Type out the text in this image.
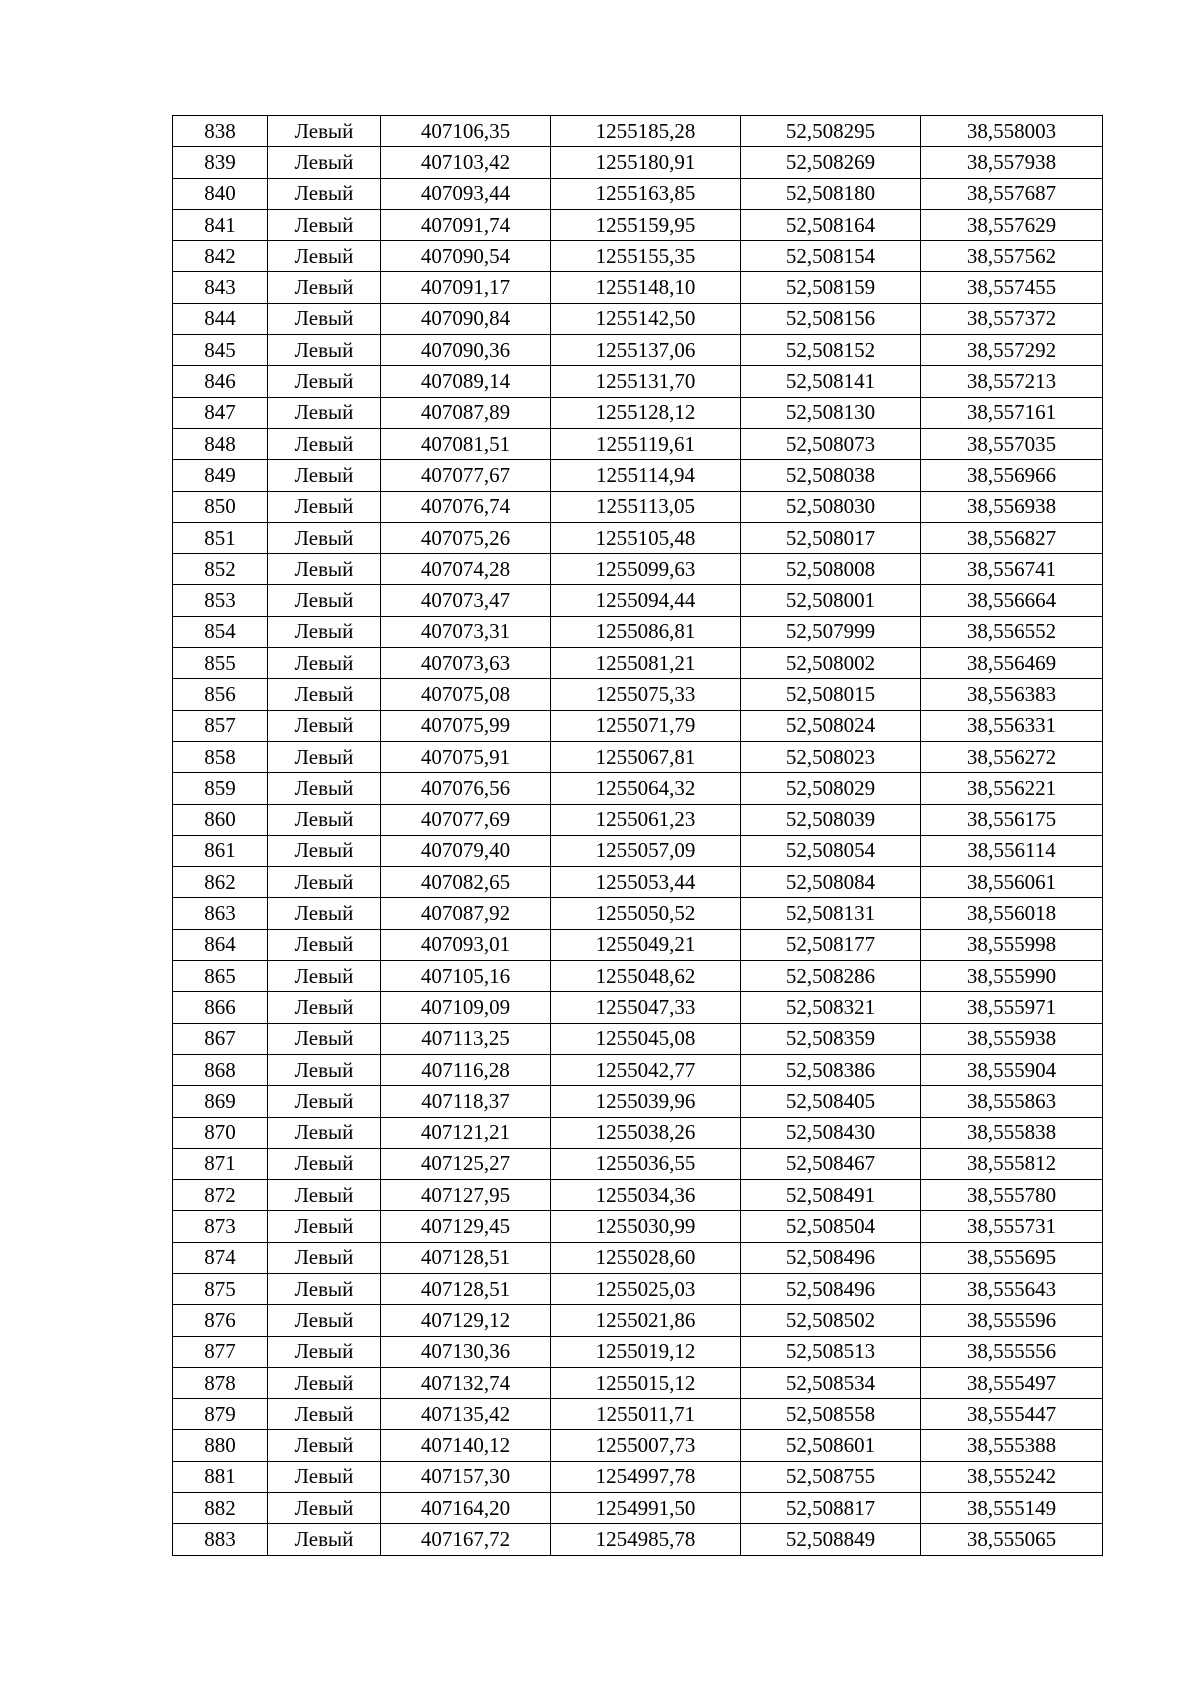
838	Левый	407106,35	1255185,28	52,508295	38,558003
839	Левый	407103,42	1255180,91	52,508269	38,557938
840	Левый	407093,44	1255163,85	52,508180	38,557687
841	Левый	407091,74	1255159,95	52,508164	38,557629
842	Левый	407090,54	1255155,35	52,508154	38,557562
843	Левый	407091,17	1255148,10	52,508159	38,557455
844	Левый	407090,84	1255142,50	52,508156	38,557372
845	Левый	407090,36	1255137,06	52,508152	38,557292
846	Левый	407089,14	1255131,70	52,508141	38,557213
847	Левый	407087,89	1255128,12	52,508130	38,557161
848	Левый	407081,51	1255119,61	52,508073	38,557035
849	Левый	407077,67	1255114,94	52,508038	38,556966
850	Левый	407076,74	1255113,05	52,508030	38,556938
851	Левый	407075,26	1255105,48	52,508017	38,556827
852	Левый	407074,28	1255099,63	52,508008	38,556741
853	Левый	407073,47	1255094,44	52,508001	38,556664
854	Левый	407073,31	1255086,81	52,507999	38,556552
855	Левый	407073,63	1255081,21	52,508002	38,556469
856	Левый	407075,08	1255075,33	52,508015	38,556383
857	Левый	407075,99	1255071,79	52,508024	38,556331
858	Левый	407075,91	1255067,81	52,508023	38,556272
859	Левый	407076,56	1255064,32	52,508029	38,556221
860	Левый	407077,69	1255061,23	52,508039	38,556175
861	Левый	407079,40	1255057,09	52,508054	38,556114
862	Левый	407082,65	1255053,44	52,508084	38,556061
863	Левый	407087,92	1255050,52	52,508131	38,556018
864	Левый	407093,01	1255049,21	52,508177	38,555998
865	Левый	407105,16	1255048,62	52,508286	38,555990
866	Левый	407109,09	1255047,33	52,508321	38,555971
867	Левый	407113,25	1255045,08	52,508359	38,555938
868	Левый	407116,28	1255042,77	52,508386	38,555904
869	Левый	407118,37	1255039,96	52,508405	38,555863
870	Левый	407121,21	1255038,26	52,508430	38,555838
871	Левый	407125,27	1255036,55	52,508467	38,555812
872	Левый	407127,95	1255034,36	52,508491	38,555780
873	Левый	407129,45	1255030,99	52,508504	38,555731
874	Левый	407128,51	1255028,60	52,508496	38,555695
875	Левый	407128,51	1255025,03	52,508496	38,555643
876	Левый	407129,12	1255021,86	52,508502	38,555596
877	Левый	407130,36	1255019,12	52,508513	38,555556
878	Левый	407132,74	1255015,12	52,508534	38,555497
879	Левый	407135,42	1255011,71	52,508558	38,555447
880	Левый	407140,12	1255007,73	52,508601	38,555388
881	Левый	407157,30	1254997,78	52,508755	38,555242
882	Левый	407164,20	1254991,50	52,508817	38,555149
883	Левый	407167,72	1254985,78	52,508849	38,555065
